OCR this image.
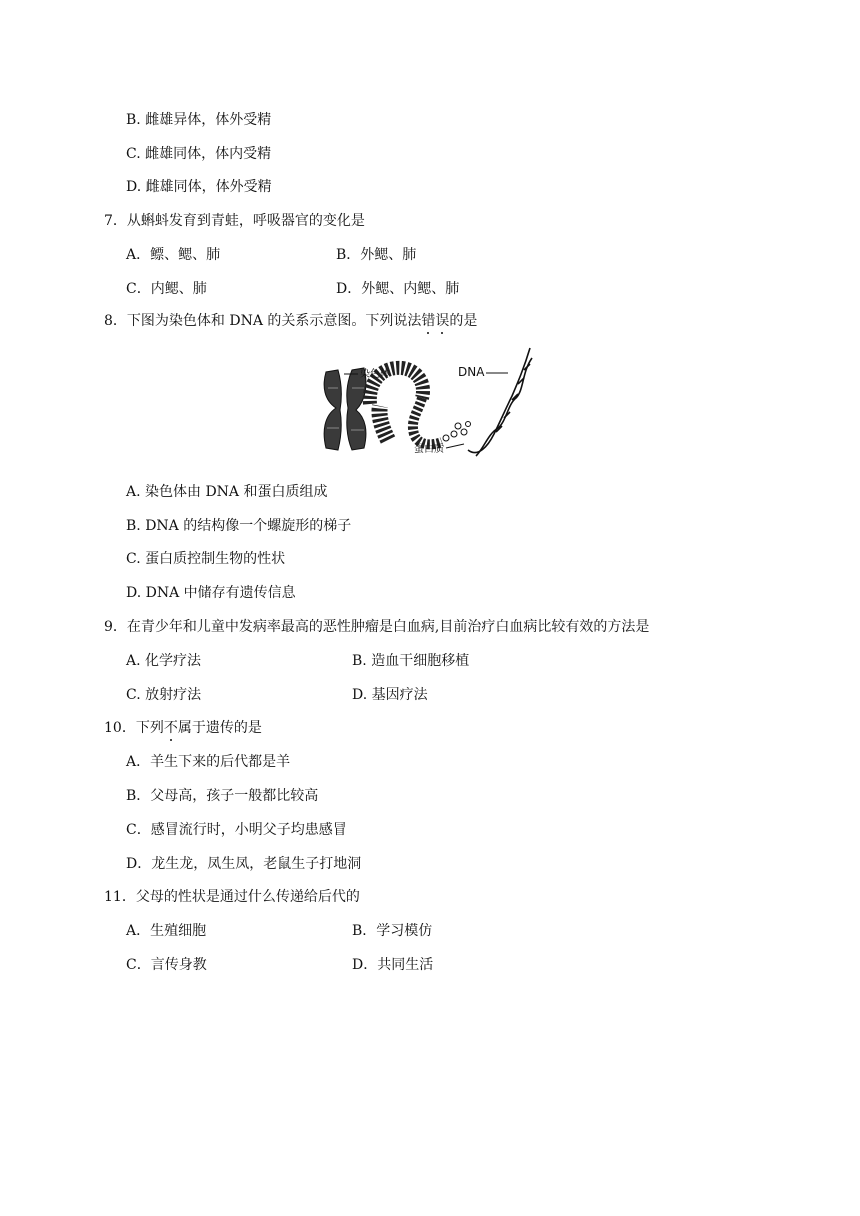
B. 雌雄异体，体外受精
C. 雌雄同体，体内受精
D. 雌雄同体，体外受精
7．从蝌蚪发育到青蛙，呼吸器官的变化是
A．鳔、鳃、肺	B．外鳃、肺
C．内鳃、肺	D．外鳃、内鳃、肺
8．下图为染色体和 DNA 的关系示意图。下列说法错误的是
染色体	DNA
蛋白质
A. 染色体由 DNA 和蛋白质组成
B. DNA 的结构像一个螺旋形的梯子
C. 蛋白质控制生物的性状
D. DNA 中储存有遗传信息
9．在青少年和儿童中发病率最高的恶性肿瘤是白血病,目前治疗白血病比较有效的方法是
A. 化学疗法	B. 造血干细胞移植
C. 放射疗法	D. 基因疗法
10．下列不属于遗传的是
A．羊生下来的后代都是羊
B．父母高，孩子一般都比较高
C．感冒流行时，小明父子均患感冒
D．龙生龙，凤生凤，老鼠生子打地洞
11．父母的性状是通过什么传递给后代的
A．生殖细胞	B．学习模仿
C．言传身教	D．共同生活
